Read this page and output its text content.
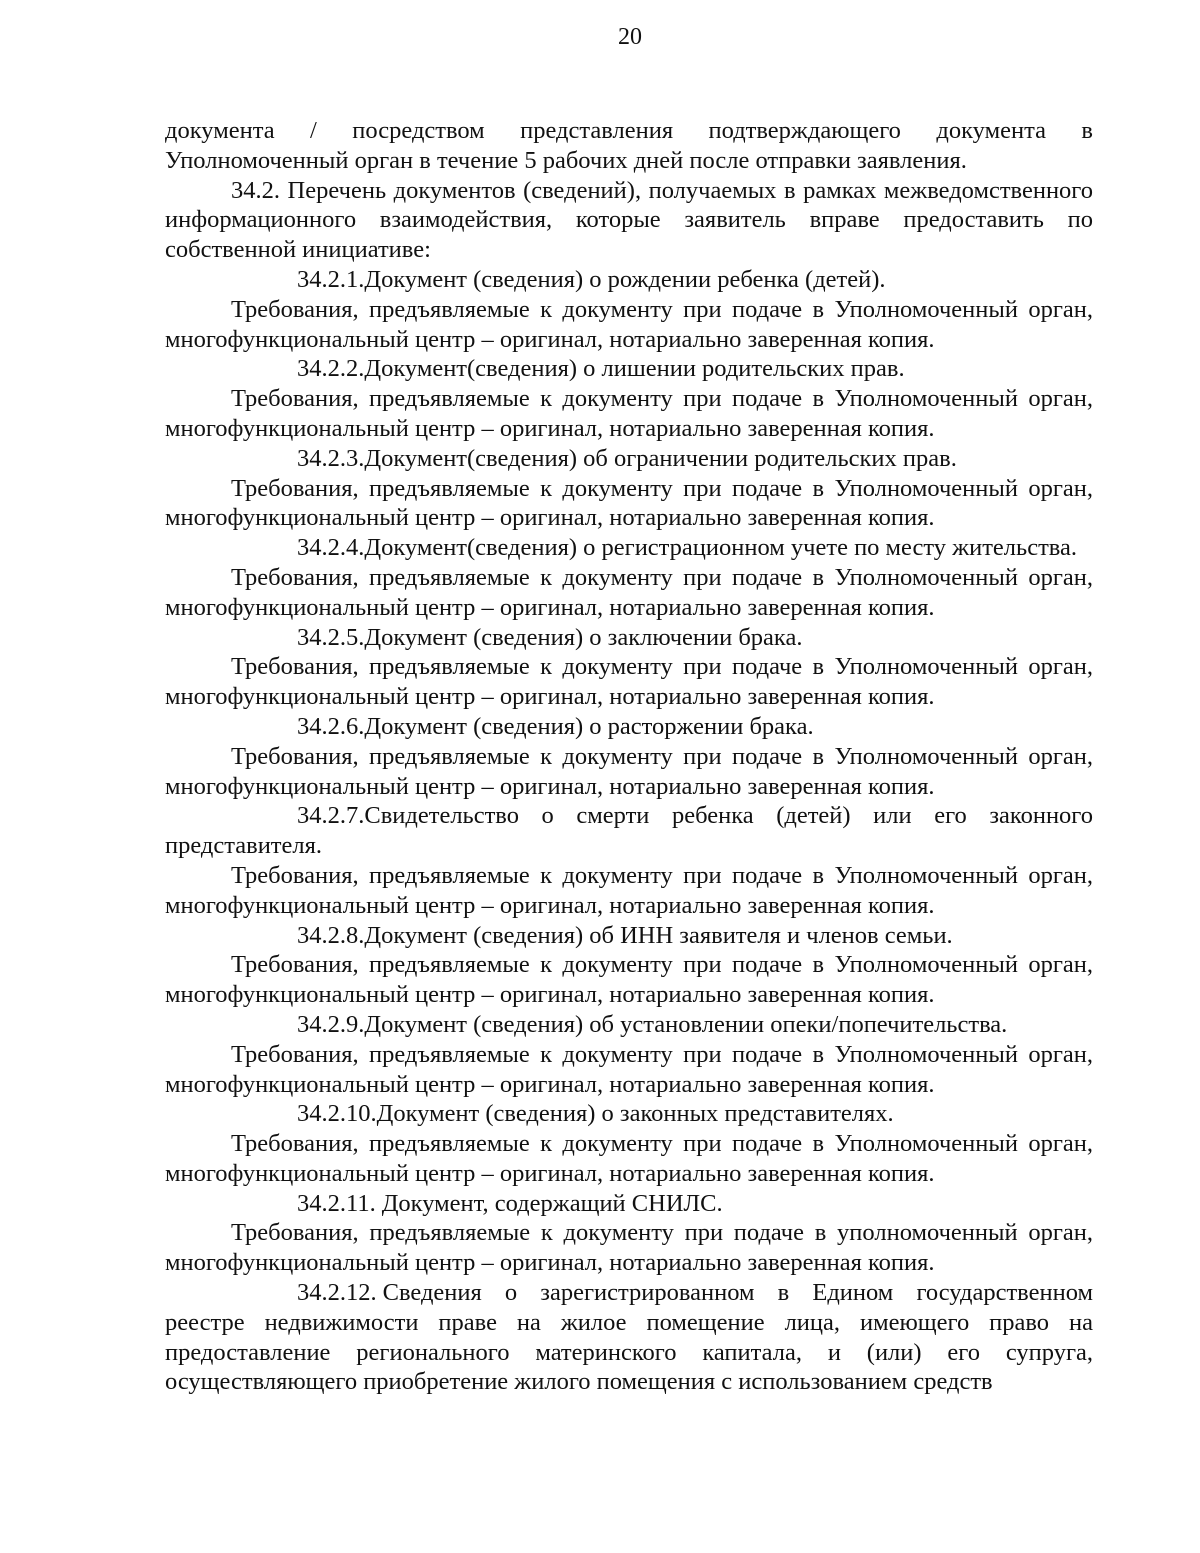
20

документа / посредством представления подтверждающего документа в Уполномоченный орган в течение 5 рабочих дней после отправки заявления.

34.2. Перечень документов (сведений), получаемых в рамках межведомственного информационного взаимодействия, которые заявитель вправе предоставить по собственной инициативе:

34.2.1.Документ (сведения) о рождении ребенка (детей).

Требования, предъявляемые к документу при подаче в Уполномоченный орган, многофункциональный центр – оригинал, нотариально заверенная копия.

34.2.2.Документ(сведения) о лишении родительских прав.

Требования, предъявляемые к документу при подаче в Уполномоченный орган, многофункциональный центр – оригинал, нотариально заверенная копия.

34.2.3.Документ(сведения) об ограничении родительских прав.

Требования, предъявляемые к документу при подаче в Уполномоченный орган, многофункциональный центр – оригинал, нотариально заверенная копия.

34.2.4.Документ(сведения) о регистрационном учете по месту жительства.

Требования, предъявляемые к документу при подаче в Уполномоченный орган, многофункциональный центр – оригинал, нотариально заверенная копия.

34.2.5.Документ (сведения) о заключении брака.

Требования, предъявляемые к документу при подаче в Уполномоченный орган, многофункциональный центр – оригинал, нотариально заверенная копия.

34.2.6.Документ (сведения) о расторжении брака.

Требования, предъявляемые к документу при подаче в Уполномоченный орган, многофункциональный центр – оригинал, нотариально заверенная копия.

34.2.7.Свидетельство о смерти ребенка (детей) или его законного представителя.

Требования, предъявляемые к документу при подаче в Уполномоченный орган, многофункциональный центр – оригинал, нотариально заверенная копия.

34.2.8.Документ (сведения) об ИНН заявителя и членов семьи.

Требования, предъявляемые к документу при подаче в Уполномоченный орган, многофункциональный центр – оригинал, нотариально заверенная копия.

34.2.9.Документ (сведения) об установлении опеки/попечительства.

Требования, предъявляемые к документу при подаче в Уполномоченный орган, многофункциональный центр – оригинал, нотариально заверенная копия.

34.2.10.Документ (сведения) о законных представителях.

Требования, предъявляемые к документу при подаче в Уполномоченный орган, многофункциональный центр – оригинал, нотариально заверенная копия.

34.2.11. Документ, содержащий СНИЛС.

Требования, предъявляемые к документу при подаче в уполномоченный орган, многофункциональный центр – оригинал, нотариально заверенная копия.

34.2.12. Сведения о зарегистрированном в Едином государственном реестре недвижимости праве на жилое помещение лица, имеющего право на предоставление регионального материнского капитала, и (или) его супруга, осуществляющего приобретение жилого помещения с использованием средств
